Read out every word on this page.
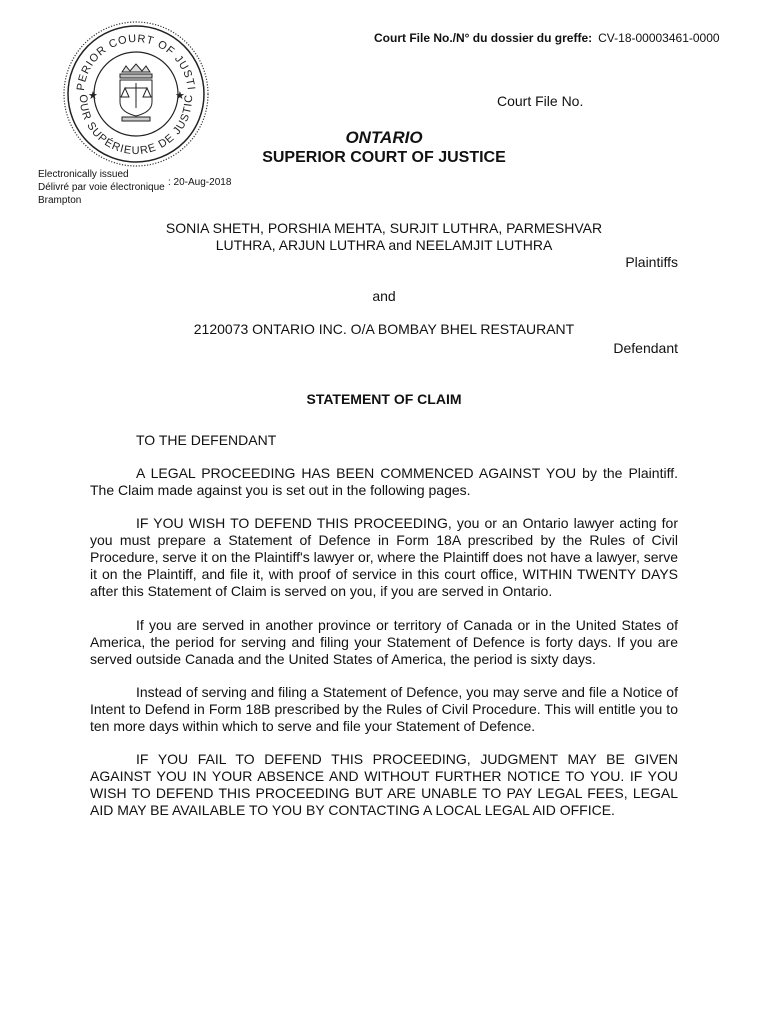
PERIOR COURT OF JUSTI
OUR SUPÉRIEURE DE JUSTIC
★	★
Court File No./N° du dossier du greffe: CV-18-00003461-0000
Court File No.
ONTARIO
SUPERIOR COURT OF JUSTICE
Electronically issued
Délivré par voie électronique
Brampton
: 20-Aug-2018
SONIA SHETH, PORSHIA MEHTA, SURJIT LUTHRA, PARMESHVAR
LUTHRA, ARJUN LUTHRA and NEELAMJIT LUTHRA
Plaintiffs
and
2120073 ONTARIO INC. O/A BOMBAY BHEL RESTAURANT
Defendant
STATEMENT OF CLAIM
TO THE DEFENDANT

A LEGAL PROCEEDING HAS BEEN COMMENCED AGAINST YOU by the Plaintiff. The Claim made against you is set out in the following pages.

IF YOU WISH TO DEFEND THIS PROCEEDING, you or an Ontario lawyer acting for you must prepare a Statement of Defence in Form 18A prescribed by the Rules of Civil Procedure, serve it on the Plaintiff's lawyer or, where the Plaintiff does not have a lawyer, serve it on the Plaintiff, and file it, with proof of service in this court office, WITHIN TWENTY DAYS after this Statement of Claim is served on you, if you are served in Ontario.

If you are served in another province or territory of Canada or in the United States of America, the period for serving and filing your Statement of Defence is forty days. If you are served outside Canada and the United States of America, the period is sixty days.

Instead of serving and filing a Statement of Defence, you may serve and file a Notice of Intent to Defend in Form 18B prescribed by the Rules of Civil Procedure. This will entitle you to ten more days within which to serve and file your Statement of Defence.

IF YOU FAIL TO DEFEND THIS PROCEEDING, JUDGMENT MAY BE GIVEN AGAINST YOU IN YOUR ABSENCE AND WITHOUT FURTHER NOTICE TO YOU. IF YOU WISH TO DEFEND THIS PROCEEDING BUT ARE UNABLE TO PAY LEGAL FEES, LEGAL AID MAY BE AVAILABLE TO YOU BY CONTACTING A LOCAL LEGAL AID OFFICE.
